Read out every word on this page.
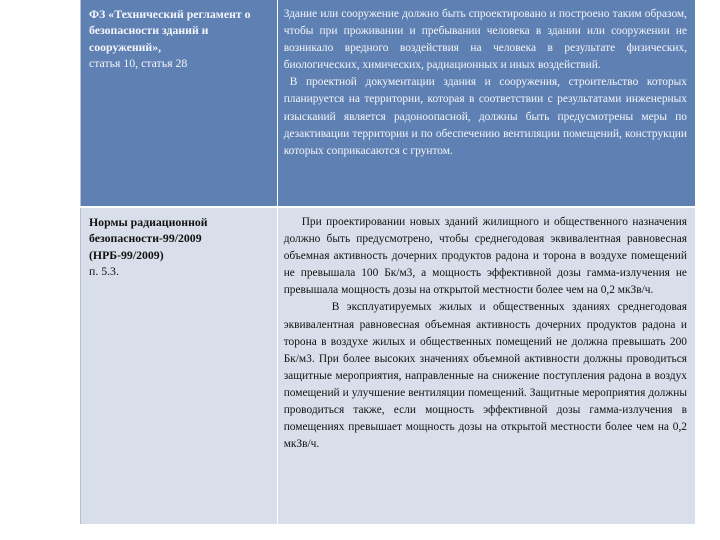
ФЗ «Технический регламент о безопасности зданий и сооружений»,
статья 10, статья 28

Здание или сооружение должно быть спроектировано и построено таким образом, чтобы при проживании и пребывании человека в здании или сооружении не возникало вредного воздействия на человека в результате физических, биологических, химических, радиационных и иных воздействий.

В проектной документации здания и сооружения, строительство которых планируется на территории, которая в соответствии с результатами инженерных изысканий является радоноопасной, должны быть предусмотрены меры по дезактивации территории и по обеспечению вентиляции помещений, конструкции которых соприкасаются с грунтом.

Нормы радиационной безопасности-99/2009 (НРБ-99/2009)
п. 5.3.

При проектировании новых зданий жилищного и общественного назначения должно быть предусмотрено, чтобы среднегодовая эквивалентная равновесная объемная активность дочерних продуктов радона и торона в воздухе помещений не превышала 100 Бк/м3, а мощность эффективной дозы гамма-излучения не превышала мощность дозы на открытой местности более чем на 0,2 мкЗв/ч.

В эксплуатируемых жилых и общественных зданиях среднегодовая эквивалентная равновесная объемная активность дочерних продуктов радона и торона в воздухе жилых и общественных помещений не должна превышать 200 Бк/м3. При более высоких значениях объемной активности должны проводиться защитные мероприятия, направленные на снижение поступления радона в воздух помещений и улучшение вентиляции помещений. Защитные мероприятия должны проводиться также, если мощность эффективной дозы гамма-излучения в помещениях превышает мощность дозы на открытой местности более чем на 0,2 мкЗв/ч.
